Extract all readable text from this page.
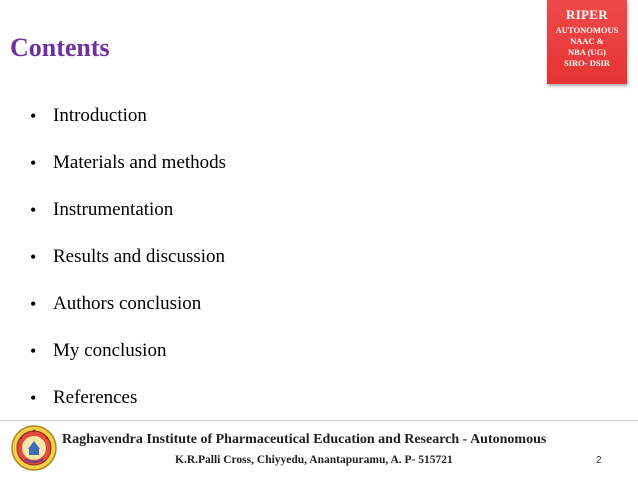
Contents
RIPER
AUTONOMOUS
NAAC &
NBA (UG)
SIRO- DSIR
• Introduction
• Materials and methods
• Instrumentation
• Results and discussion
• Authors conclusion
• My conclusion
• References
Raghavendra Institute of Pharmaceutical Education and Research - Autonomous
K.R.Palli Cross, Chiyyedu, Anantapuramu, A. P- 515721	2
